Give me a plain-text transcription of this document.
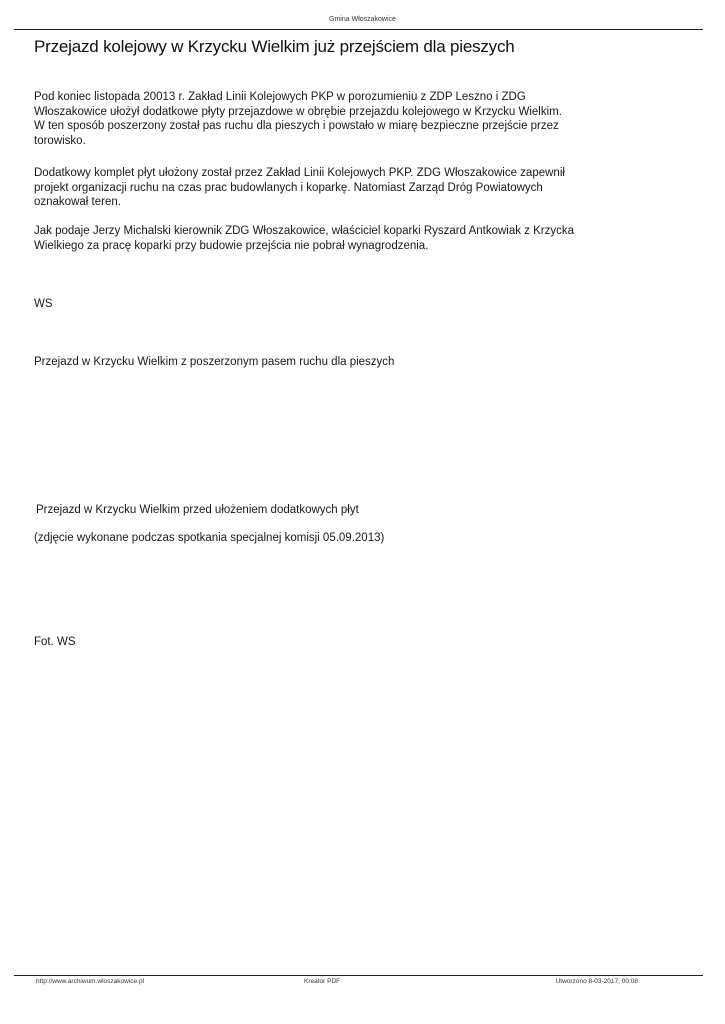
Gmina Włoszakowice
Przejazd kolejowy w Krzycku Wielkim już przejściem dla pieszych

Pod koniec listopada 20013 r. Zakład Linii Kolejowych PKP w porozumieniu z ZDP Leszno i ZDG
Włoszakowice ułożył dodatkowe płyty przejazdowe w obrębie przejazdu kolejowego w Krzycku Wielkim.
W ten sposób poszerzony został pas ruchu dla pieszych i powstało w miarę bezpieczne przejście przez
torowisko.

Dodatkowy komplet płyt ułożony został przez Zakład Linii Kolejowych PKP. ZDG Włoszakowice zapewnił
projekt organizacji ruchu na czas prac budowlanych i koparkę. Natomiast Zarząd Dróg Powiatowych
oznakował teren.

Jak podaje Jerzy Michalski kierownik ZDG Włoszakowice, właściciel koparki Ryszard Antkowiak z Krzycka
Wielkiego za pracę koparki przy budowie przejścia nie pobrał wynagrodzenia.

WS
Przejazd w Krzycku Wielkim z poszerzonym pasem ruchu dla pieszych
Przejazd w Krzycku Wielkim przed ułożeniem dodatkowych płyt
(zdjęcie wykonane podczas spotkania specjalnej komisji 05.09.2013)
Fot. WS
http://www.archiwum.wloszakowice.pl	Kreator PDF	Utworzono 8-03-2017, 00:08
